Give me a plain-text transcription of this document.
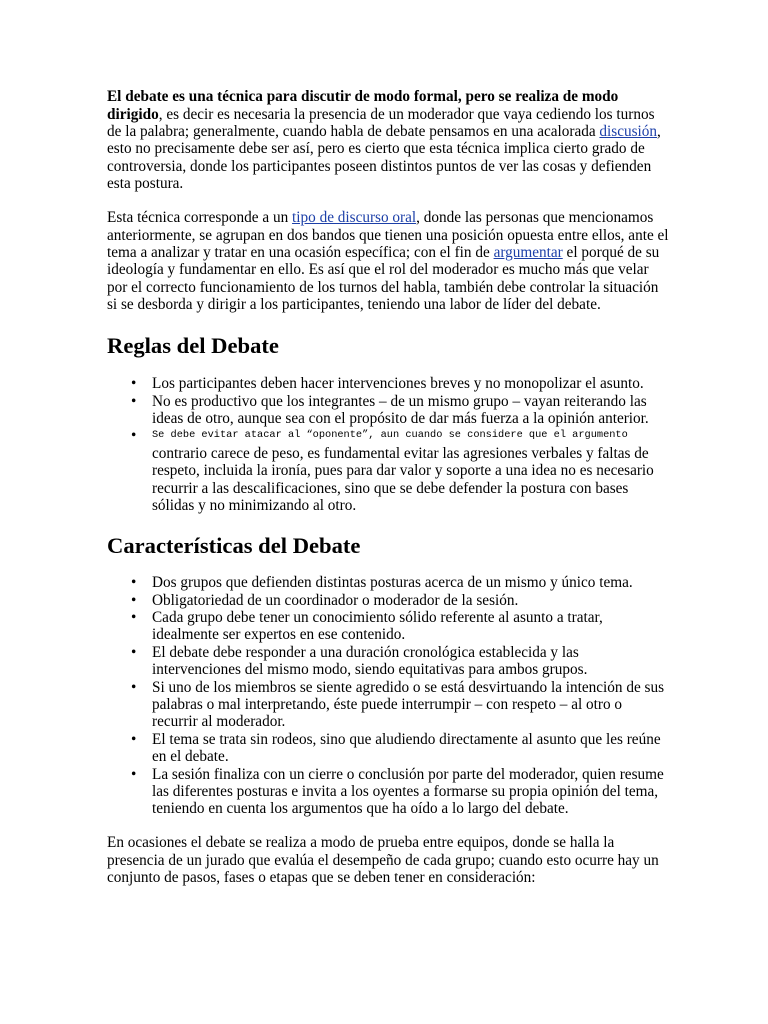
El debate es una técnica para discutir de modo formal, pero se realiza de modo
dirigido, es decir es necesaria la presencia de un moderador que vaya cediendo los turnos
de la palabra; generalmente, cuando habla de debate pensamos en una acalorada discusión,
esto no precisamente debe ser así, pero es cierto que esta técnica implica cierto grado de
controversia, donde los participantes poseen distintos puntos de ver las cosas y defienden
esta postura.
Esta técnica corresponde a un tipo de discurso oral, donde las personas que mencionamos
anteriormente, se agrupan en dos bandos que tienen una posición opuesta entre ellos, ante el
tema a analizar y tratar en una ocasión específica; con el fin de argumentar el porqué de su
ideología y fundamentar en ello. Es así que el rol del moderador es mucho más que velar
por el correcto funcionamiento de los turnos del habla, también debe controlar la situación
si se desborda y dirigir a los participantes, teniendo una labor de líder del debate.
Reglas del Debate
• Los participantes deben hacer intervenciones breves y no monopolizar el asunto.
• No es productivo que los integrantes – de un mismo grupo – vayan reiterando las
ideas de otro, aunque sea con el propósito de dar más fuerza a la opinión anterior.
• Se debe evitar atacar al “oponente”, aun cuando se considere que el argumento
contrario carece de peso, es fundamental evitar las agresiones verbales y faltas de
respeto, incluida la ironía, pues para dar valor y soporte a una idea no es necesario
recurrir a las descalificaciones, sino que se debe defender la postura con bases
sólidas y no minimizando al otro.
Características del Debate
• Dos grupos que defienden distintas posturas acerca de un mismo y único tema.
• Obligatoriedad de un coordinador o moderador de la sesión.
• Cada grupo debe tener un conocimiento sólido referente al asunto a tratar,
idealmente ser expertos en ese contenido.
• El debate debe responder a una duración cronológica establecida y las
intervenciones del mismo modo, siendo equitativas para ambos grupos.
• Si uno de los miembros se siente agredido o se está desvirtuando la intención de sus
palabras o mal interpretando, éste puede interrumpir – con respeto – al otro o
recurrir al moderador.
• El tema se trata sin rodeos, sino que aludiendo directamente al asunto que les reúne
en el debate.
• La sesión finaliza con un cierre o conclusión por parte del moderador, quien resume
las diferentes posturas e invita a los oyentes a formarse su propia opinión del tema,
teniendo en cuenta los argumentos que ha oído a lo largo del debate.
En ocasiones el debate se realiza a modo de prueba entre equipos, donde se halla la
presencia de un jurado que evalúa el desempeño de cada grupo; cuando esto ocurre hay un
conjunto de pasos, fases o etapas que se deben tener en consideración:
